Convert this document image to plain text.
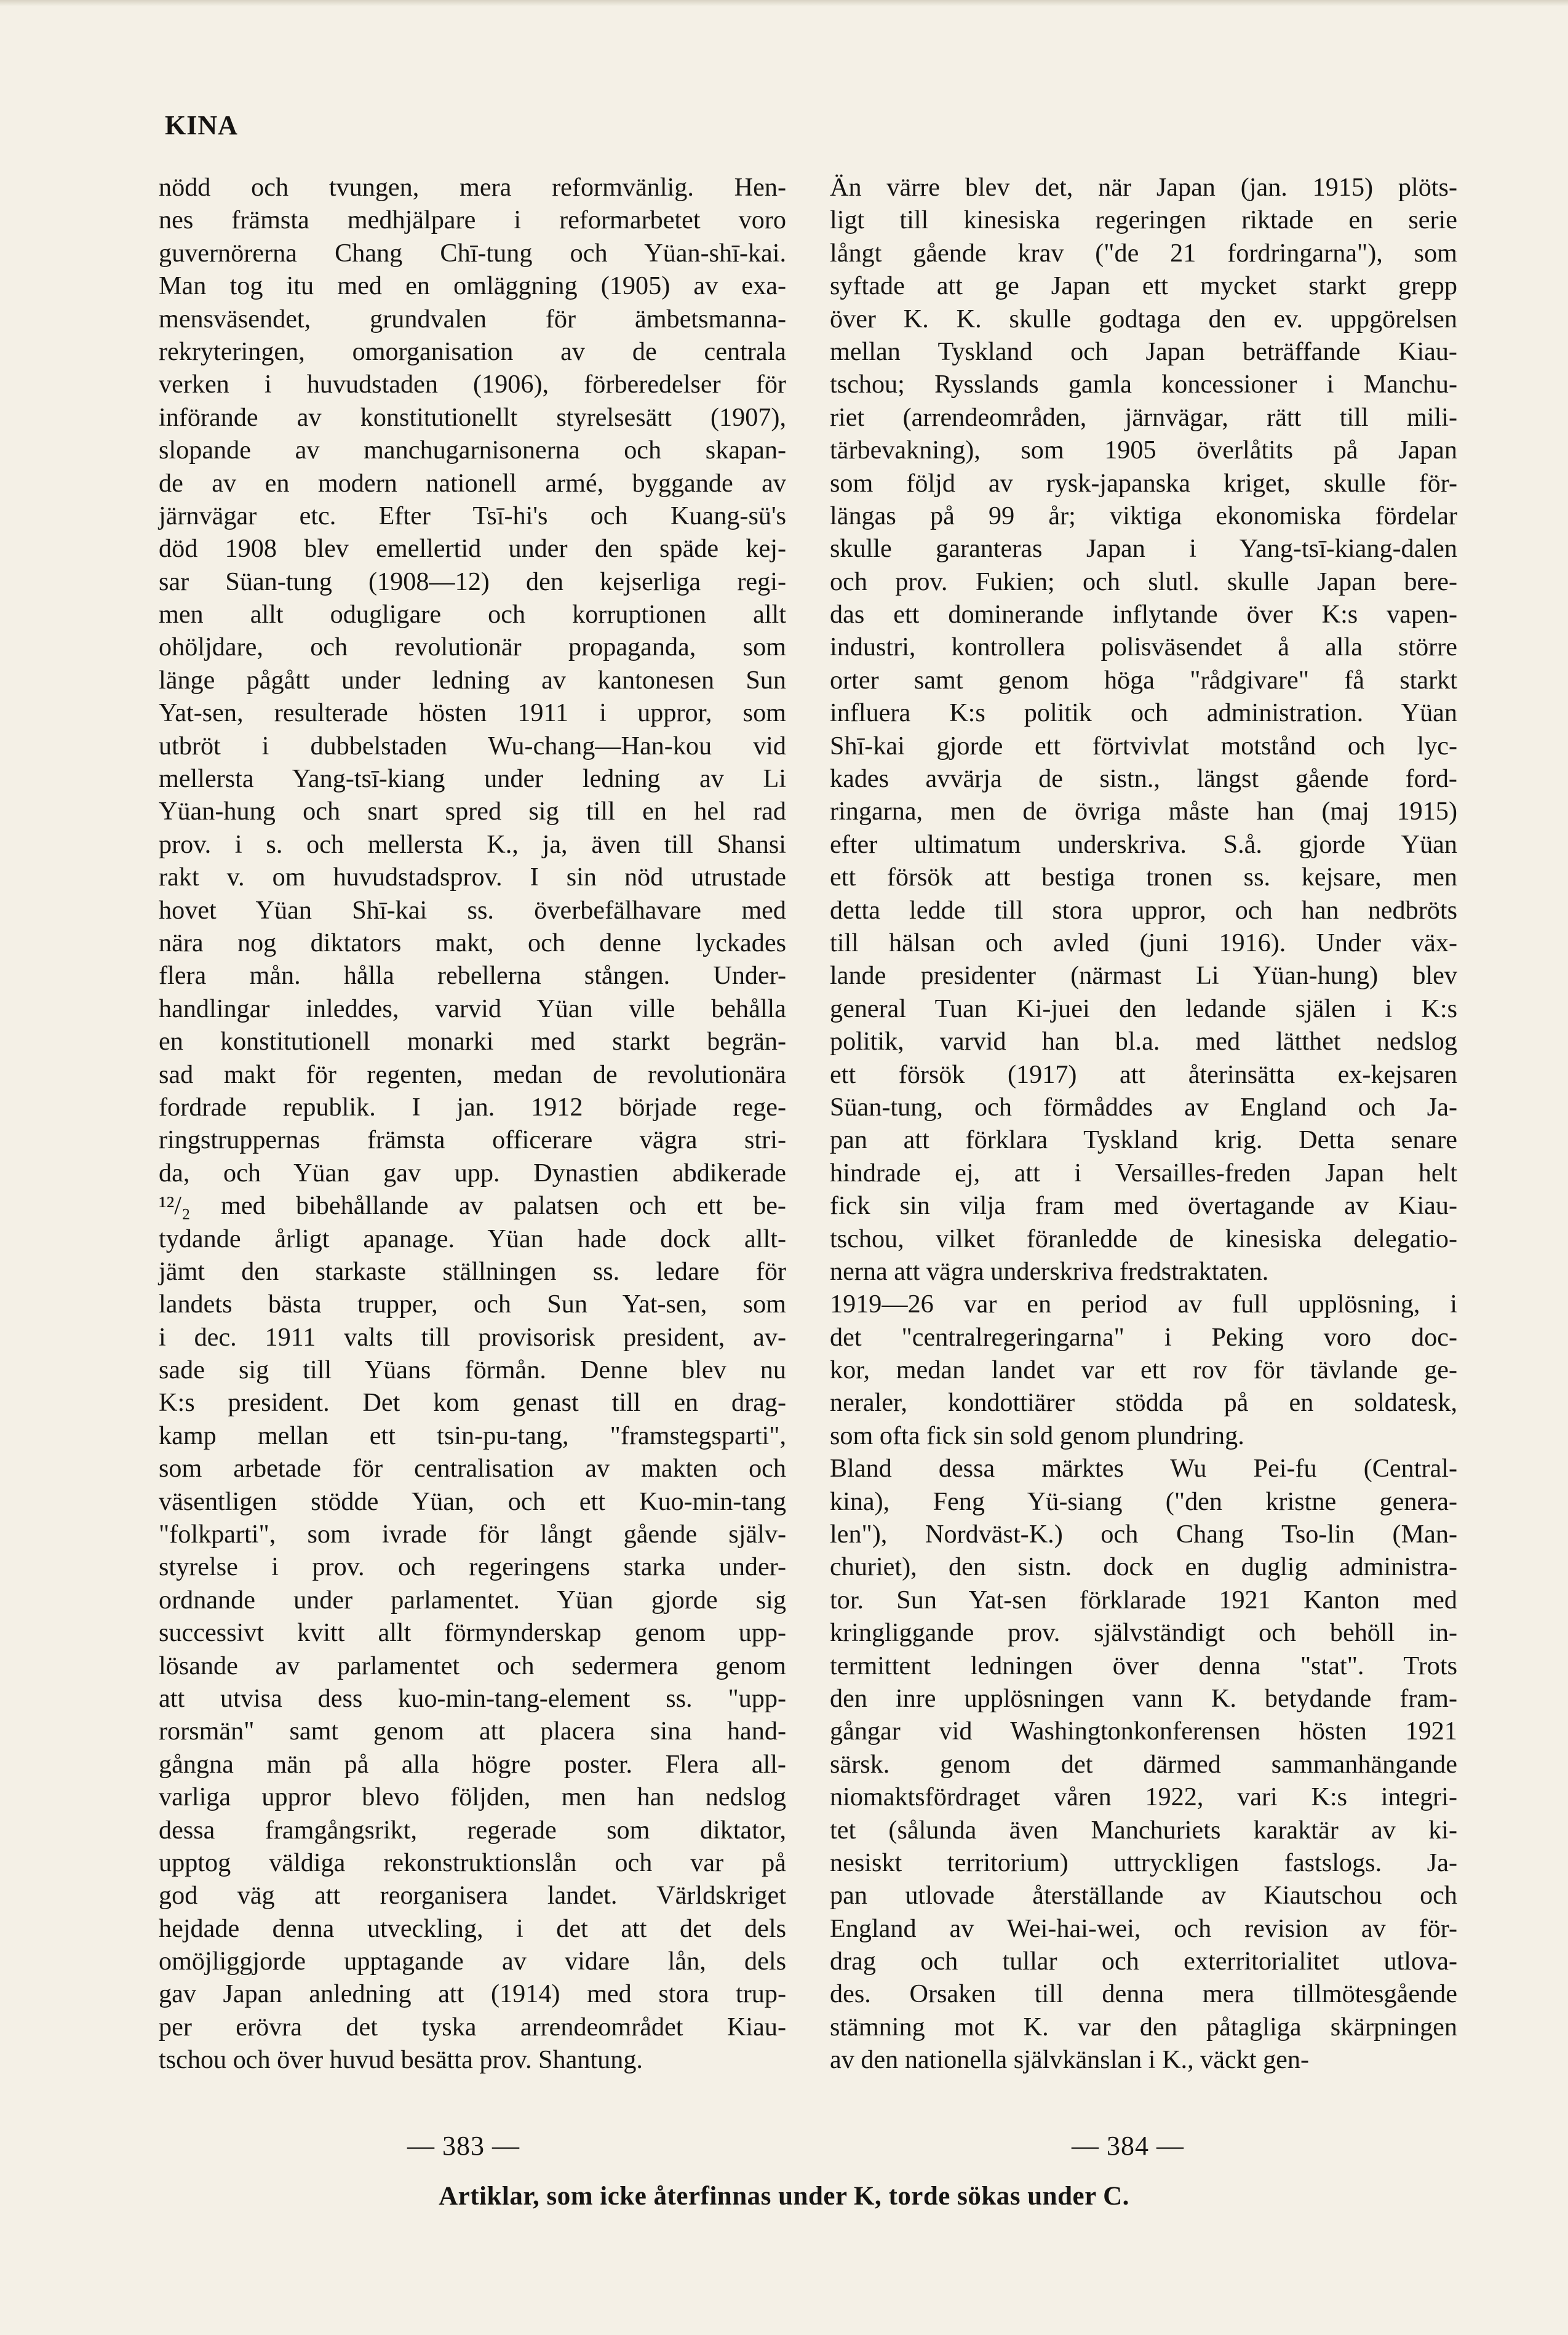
KINA
nödd och tvungen, mera reformvänlig. Hen-
nes främsta medhjälpare i reformarbetet voro
guvernörerna Chang Chī-tung och Yüan-shī-kai.
Man tog itu med en omläggning (1905) av exa-
mensväsendet, grundvalen för ämbetsmanna-
rekryteringen, omorganisation av de centrala
verken i huvudstaden (1906), förberedelser för
införande av konstitutionellt styrelsesätt (1907),
slopande av manchugarnisonerna och skapan-
de av en modern nationell armé, byggande av
järnvägar etc. Efter Tsī-hi's och Kuang-sü's
död 1908 blev emellertid under den späde kej-
sar Süan-tung (1908—12) den kejserliga regi-
men allt odugligare och korruptionen allt
ohöljdare, och revolutionär propaganda, som
länge pågått under ledning av kantonesen Sun
Yat-sen, resulterade hösten 1911 i uppror, som
utbröt i dubbelstaden Wu-chang—Han-kou vid
mellersta Yang-tsī-kiang under ledning av Li
Yüan-hung och snart spred sig till en hel rad
prov. i s. och mellersta K., ja, även till Shansi
rakt v. om huvudstadsprov. I sin nöd utrustade
hovet Yüan Shī-kai ss. överbefälhavare med
nära nog diktators makt, och denne lyckades
flera mån. hålla rebellerna stången. Under-
handlingar inleddes, varvid Yüan ville behålla
en konstitutionell monarki med starkt begrän-
sad makt för regenten, medan de revolutionära
fordrade republik. I jan. 1912 började rege-
ringstruppernas främsta officerare vägra stri-
da, och Yüan gav upp. Dynastien abdikerade
¹²/₂ med bibehållande av palatsen och ett be-
tydande årligt apanage. Yüan hade dock allt-
jämt den starkaste ställningen ss. ledare för
landets bästa trupper, och Sun Yat-sen, som
i dec. 1911 valts till provisorisk president, av-
sade sig till Yüans förmån. Denne blev nu
K:s president. Det kom genast till en drag-
kamp mellan ett tsin-pu-tang, "framstegsparti",
som arbetade för centralisation av makten och
väsentligen stödde Yüan, och ett Kuo-min-tang
"folkparti", som ivrade för långt gående själv-
styrelse i prov. och regeringens starka under-
ordnande under parlamentet. Yüan gjorde sig
successivt kvitt allt förmynderskap genom upp-
lösande av parlamentet och sedermera genom
att utvisa dess kuo-min-tang-element ss. "upp-
rorsmän" samt genom att placera sina hand-
gångna män på alla högre poster. Flera all-
varliga uppror blevo följden, men han nedslog
dessa framgångsrikt, regerade som diktator,
upptog väldiga rekonstruktionslån och var på
god väg att reorganisera landet. Världskriget
hejdade denna utveckling, i det att det dels
omöjliggjorde upptagande av vidare lån, dels
gav Japan anledning att (1914) med stora trup-
per erövra det tyska arrendeområdet Kiau-
tschou och över huvud besätta prov. Shantung.
Än värre blev det, när Japan (jan. 1915) plöts-
ligt till kinesiska regeringen riktade en serie
långt gående krav ("de 21 fordringarna"), som
syftade att ge Japan ett mycket starkt grepp
över K. K. skulle godtaga den ev. uppgörelsen
mellan Tyskland och Japan beträffande Kiau-
tschou; Rysslands gamla koncessioner i Manchu-
riet (arrendeområden, järnvägar, rätt till mili-
tärbevakning), som 1905 överlåtits på Japan
som följd av rysk-japanska kriget, skulle för-
längas på 99 år; viktiga ekonomiska fördelar
skulle garanteras Japan i Yang-tsī-kiang-dalen
och prov. Fukien; och slutl. skulle Japan bere-
das ett dominerande inflytande över K:s vapen-
industri, kontrollera polisväsendet å alla större
orter samt genom höga "rådgivare" få starkt
influera K:s politik och administration. Yüan
Shī-kai gjorde ett förtvivlat motstånd och lyc-
kades avvärja de sistn., längst gående ford-
ringarna, men de övriga måste han (maj 1915)
efter ultimatum underskriva. S.å. gjorde Yüan
ett försök att bestiga tronen ss. kejsare, men
detta ledde till stora uppror, och han nedbröts
till hälsan och avled (juni 1916). Under väx-
lande presidenter (närmast Li Yüan-hung) blev
general Tuan Ki-juei den ledande själen i K:s
politik, varvid han bl.a. med lätthet nedslog
ett försök (1917) att återinsätta ex-kejsaren
Süan-tung, och förmåddes av England och Ja-
pan att förklara Tyskland krig. Detta senare
hindrade ej, att i Versailles-freden Japan helt
fick sin vilja fram med övertagande av Kiau-
tschou, vilket föranledde de kinesiska delegatio-
nerna att vägra underskriva fredstraktaten.
1919—26 var en period av full upplösning, i
det "centralregeringarna" i Peking voro doc-
kor, medan landet var ett rov för tävlande ge-
neraler, kondottiärer stödda på en soldatesk,
som ofta fick sin sold genom plundring.
Bland dessa märktes Wu Pei-fu (Central-
kina), Feng Yü-siang ("den kristne genera-
len"), Nordväst-K.) och Chang Tso-lin (Man-
churiet), den sistn. dock en duglig administra-
tor. Sun Yat-sen förklarade 1921 Kanton med
kringliggande prov. självständigt och behöll in-
termittent ledningen över denna "stat". Trots
den inre upplösningen vann K. betydande fram-
gångar vid Washingtonkonferensen hösten 1921
särsk. genom det därmed sammanhängande
niomaktsfördraget våren 1922, vari K:s integri-
tet (sålunda även Manchuriets karaktär av ki-
nesiskt territorium) uttryckligen fastslogs. Ja-
pan utlovade återställande av Kiautschou och
England av Wei-hai-wei, och revision av för-
drag och tullar och exterritorialitet utlova-
des. Orsaken till denna mera tillmötesgående
stämning mot K. var den påtagliga skärpningen
av den nationella självkänslan i K., väckt gen-
— 383 —	— 384 —
Artiklar, som icke återfinnas under K, torde sökas under C.
